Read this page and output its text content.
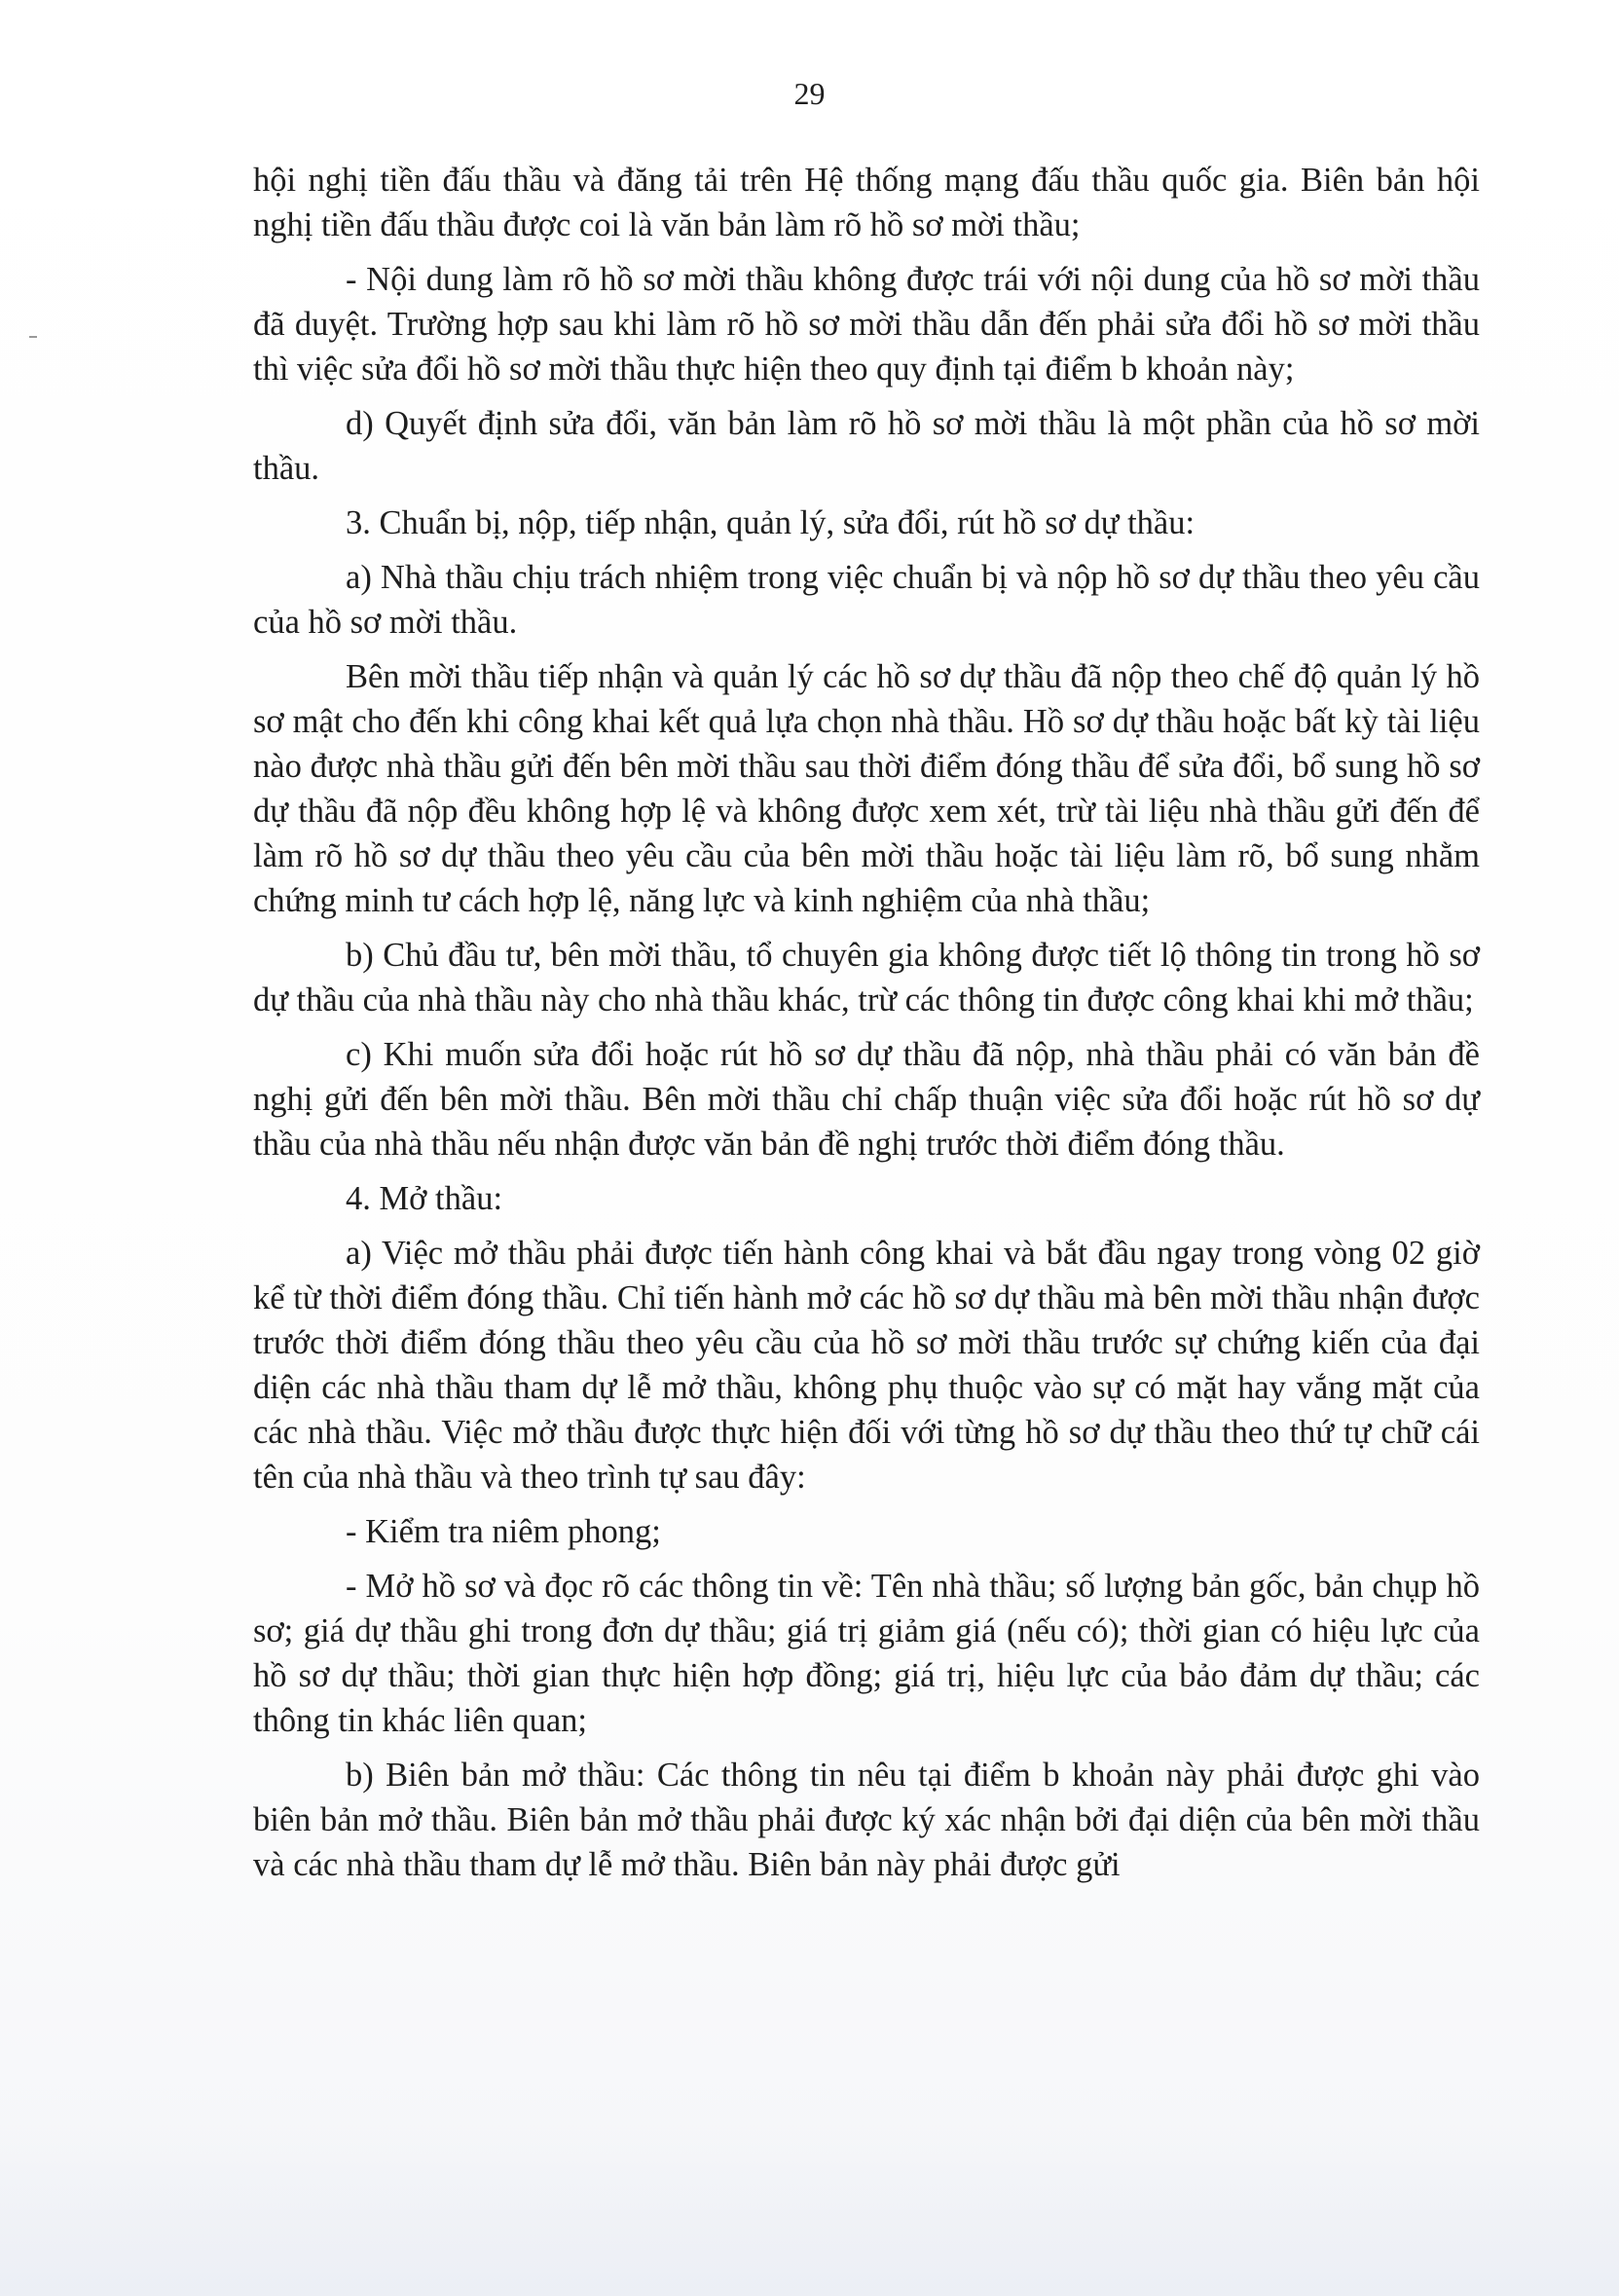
29

hội nghị tiền đấu thầu và đăng tải trên Hệ thống mạng đấu thầu quốc gia. Biên bản hội nghị tiền đấu thầu được coi là văn bản làm rõ hồ sơ mời thầu;

- Nội dung làm rõ hồ sơ mời thầu không được trái với nội dung của hồ sơ mời thầu đã duyệt. Trường hợp sau khi làm rõ hồ sơ mời thầu dẫn đến phải sửa đổi hồ sơ mời thầu thì việc sửa đổi hồ sơ mời thầu thực hiện theo quy định tại điểm b khoản này;

d) Quyết định sửa đổi, văn bản làm rõ hồ sơ mời thầu là một phần của hồ sơ mời thầu.

3. Chuẩn bị, nộp, tiếp nhận, quản lý, sửa đổi, rút hồ sơ dự thầu:

a) Nhà thầu chịu trách nhiệm trong việc chuẩn bị và nộp hồ sơ dự thầu theo yêu cầu của hồ sơ mời thầu.

Bên mời thầu tiếp nhận và quản lý các hồ sơ dự thầu đã nộp theo chế độ quản lý hồ sơ mật cho đến khi công khai kết quả lựa chọn nhà thầu. Hồ sơ dự thầu hoặc bất kỳ tài liệu nào được nhà thầu gửi đến bên mời thầu sau thời điểm đóng thầu để sửa đổi, bổ sung hồ sơ dự thầu đã nộp đều không hợp lệ và không được xem xét, trừ tài liệu nhà thầu gửi đến để làm rõ hồ sơ dự thầu theo yêu cầu của bên mời thầu hoặc tài liệu làm rõ, bổ sung nhằm chứng minh tư cách hợp lệ, năng lực và kinh nghiệm của nhà thầu;

b) Chủ đầu tư, bên mời thầu, tổ chuyên gia không được tiết lộ thông tin trong hồ sơ dự thầu của nhà thầu này cho nhà thầu khác, trừ các thông tin được công khai khi mở thầu;

c) Khi muốn sửa đổi hoặc rút hồ sơ dự thầu đã nộp, nhà thầu phải có văn bản đề nghị gửi đến bên mời thầu. Bên mời thầu chỉ chấp thuận việc sửa đổi hoặc rút hồ sơ dự thầu của nhà thầu nếu nhận được văn bản đề nghị trước thời điểm đóng thầu.

4. Mở thầu:

a) Việc mở thầu phải được tiến hành công khai và bắt đầu ngay trong vòng 02 giờ kể từ thời điểm đóng thầu. Chỉ tiến hành mở các hồ sơ dự thầu mà bên mời thầu nhận được trước thời điểm đóng thầu theo yêu cầu của hồ sơ mời thầu trước sự chứng kiến của đại diện các nhà thầu tham dự lễ mở thầu, không phụ thuộc vào sự có mặt hay vắng mặt của các nhà thầu. Việc mở thầu được thực hiện đối với từng hồ sơ dự thầu theo thứ tự chữ cái tên của nhà thầu và theo trình tự sau đây:

- Kiểm tra niêm phong;

- Mở hồ sơ và đọc rõ các thông tin về: Tên nhà thầu; số lượng bản gốc, bản chụp hồ sơ; giá dự thầu ghi trong đơn dự thầu; giá trị giảm giá (nếu có); thời gian có hiệu lực của hồ sơ dự thầu; thời gian thực hiện hợp đồng; giá trị, hiệu lực của bảo đảm dự thầu; các thông tin khác liên quan;

b) Biên bản mở thầu: Các thông tin nêu tại điểm b khoản này phải được ghi vào biên bản mở thầu. Biên bản mở thầu phải được ký xác nhận bởi đại diện của bên mời thầu và các nhà thầu tham dự lễ mở thầu. Biên bản này phải được gửi
